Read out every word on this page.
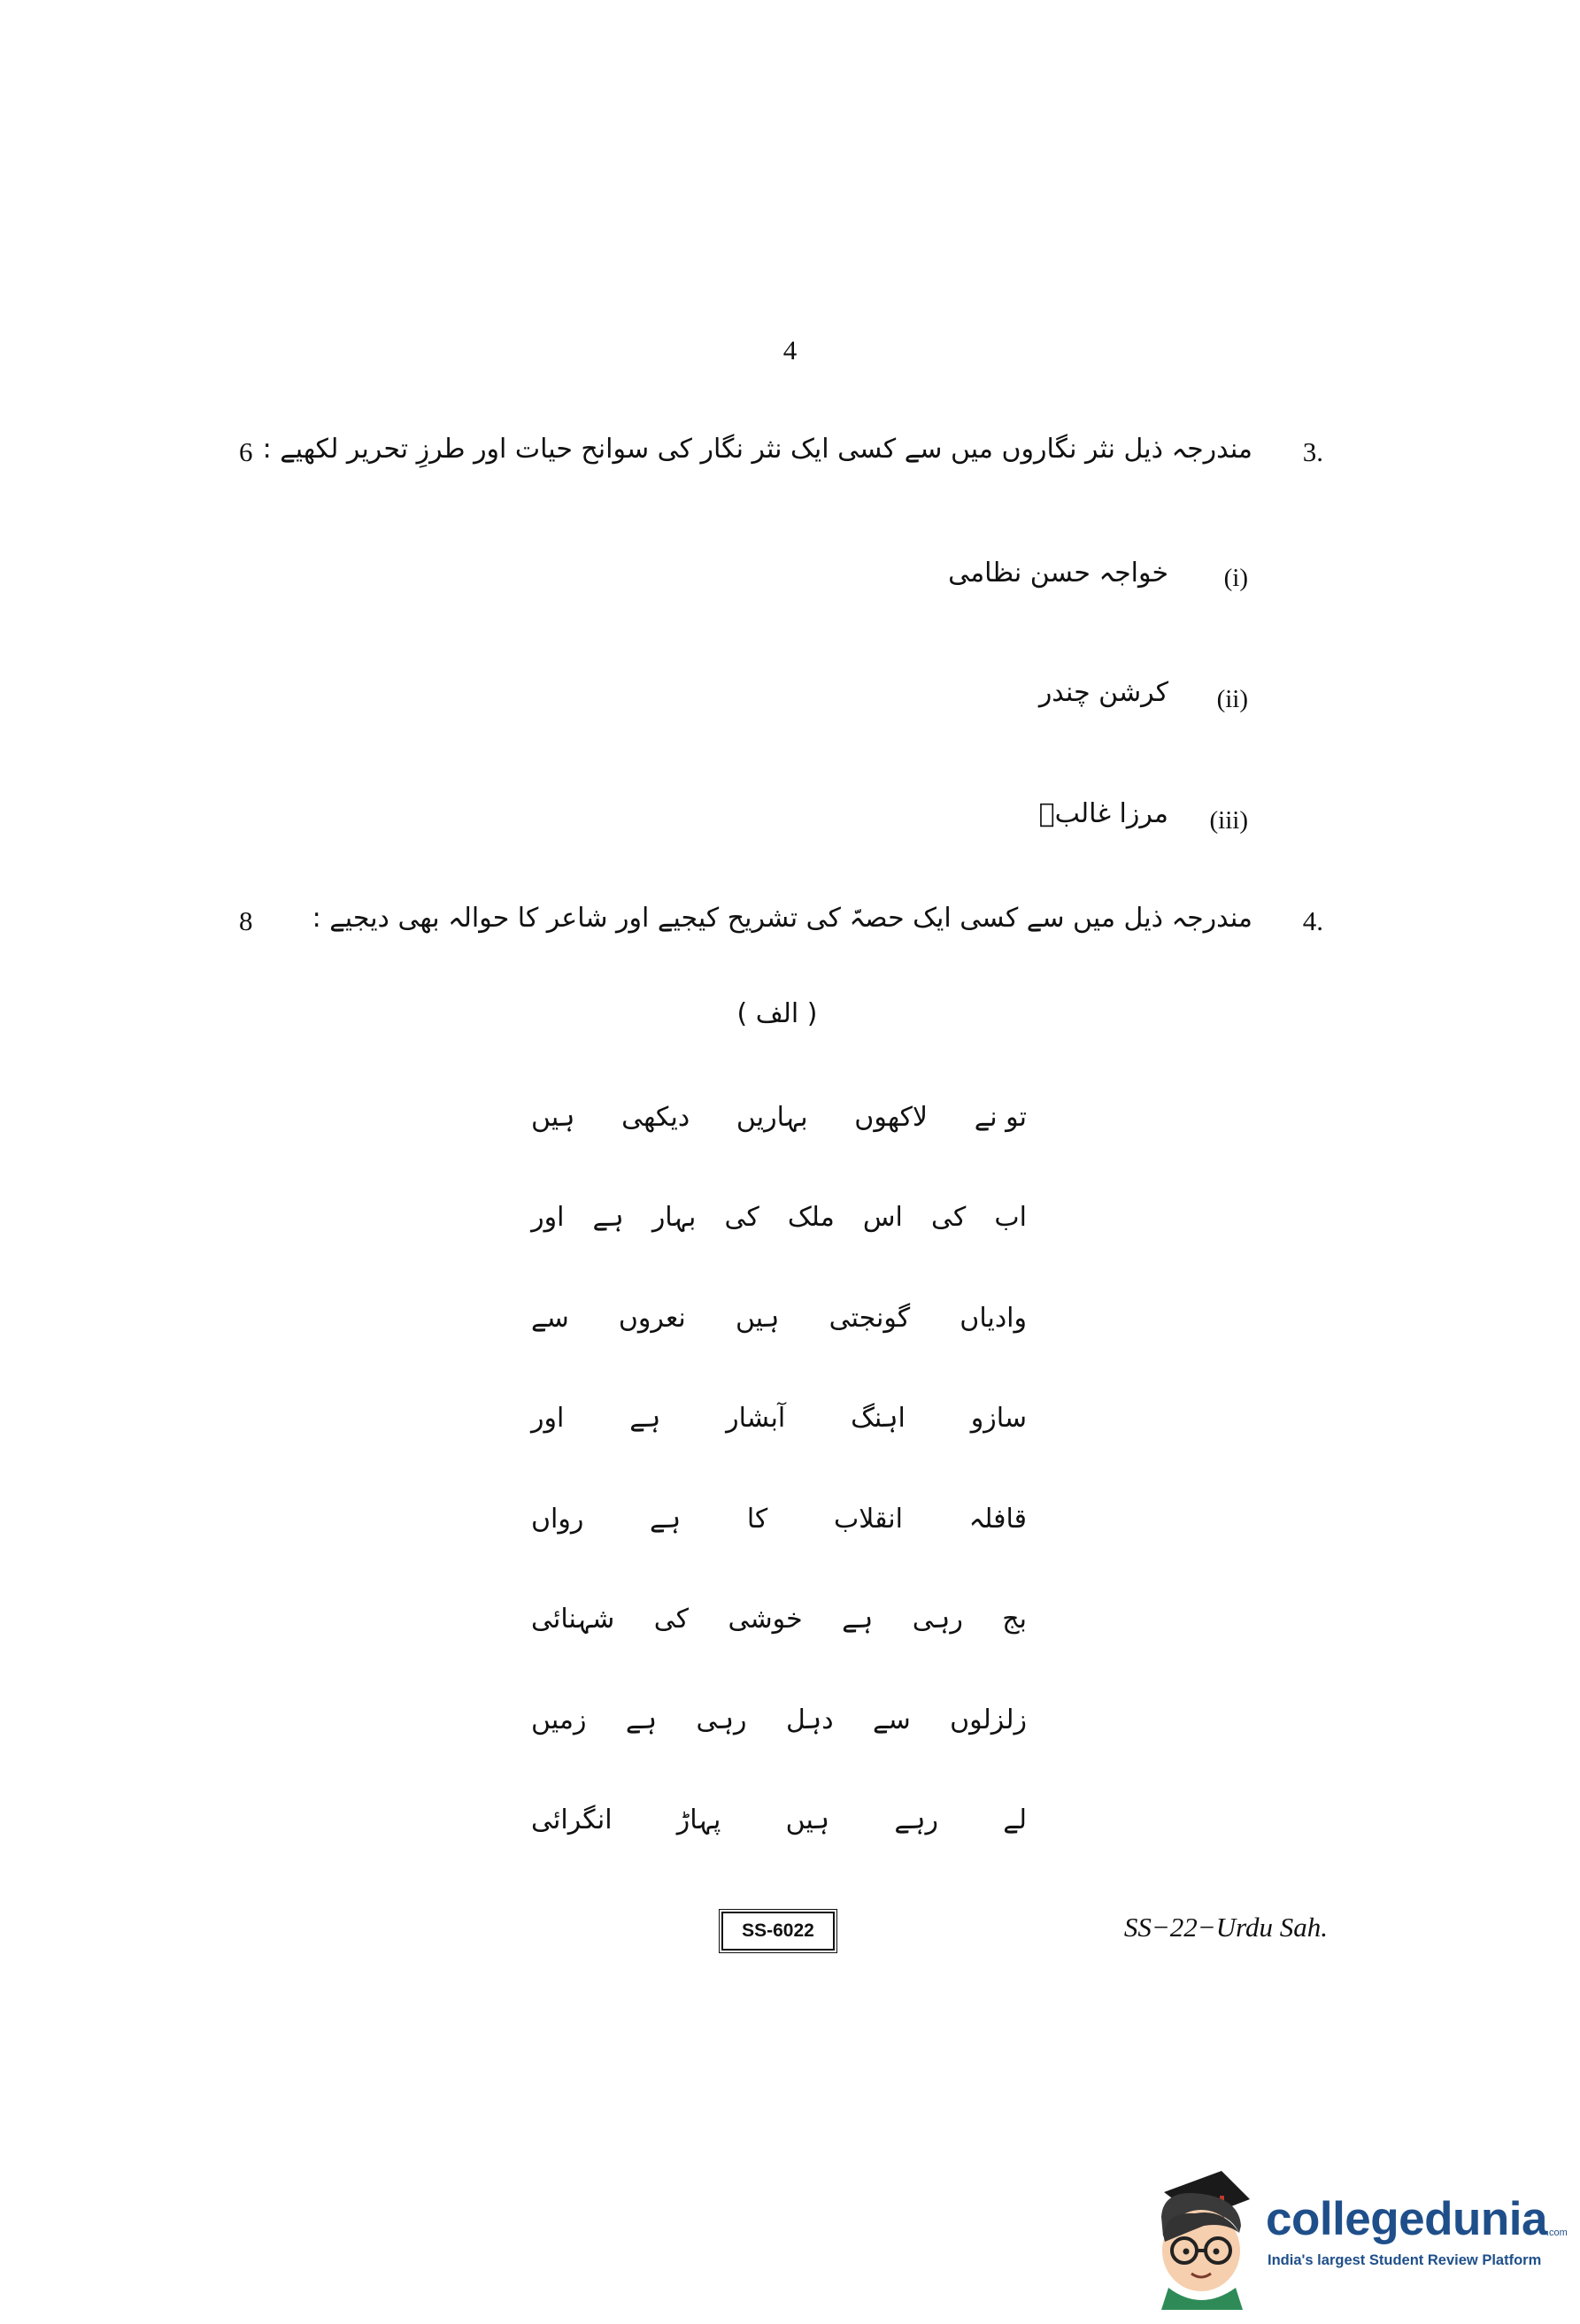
4
3.
مندرجہ ذیل نثر نگاروں میں سے کسی ایک نثر نگار کی سوانح حیات اور طرزِ تحریر لکھیے :
6
(i)
خواجہ حسن نظامی
(ii)
کرشن چندر
(iii)
مرزا غالبؔ
4.
مندرجہ ذیل میں سے کسی ایک حصہّ کی تشریح کیجیے اور شاعر کا حوالہ بھی دیجیے :
8
( الف )
تو نے
لاکھوں
بہاریں
دیکھی
ہیں
اب
کی
اس
ملک
کی
بہار
ہے
اور
وادیاں
گونجتی
ہیں
نعروں
سے
سازو
اہنگ
آبشار
ہے
اور
قافلہ
انقلاب
کا
ہے
رواں
بج
رہی
ہے
خوشی
کی
شہنائی
زلزلوں
سے
دہل
رہی
ہے
زمیں
لے
رہے
ہیں
پہاڑ
انگرائی
SS-6022	SS−22−Urdu Sah.
collegedunia .com
India's largest Student Review Platform
